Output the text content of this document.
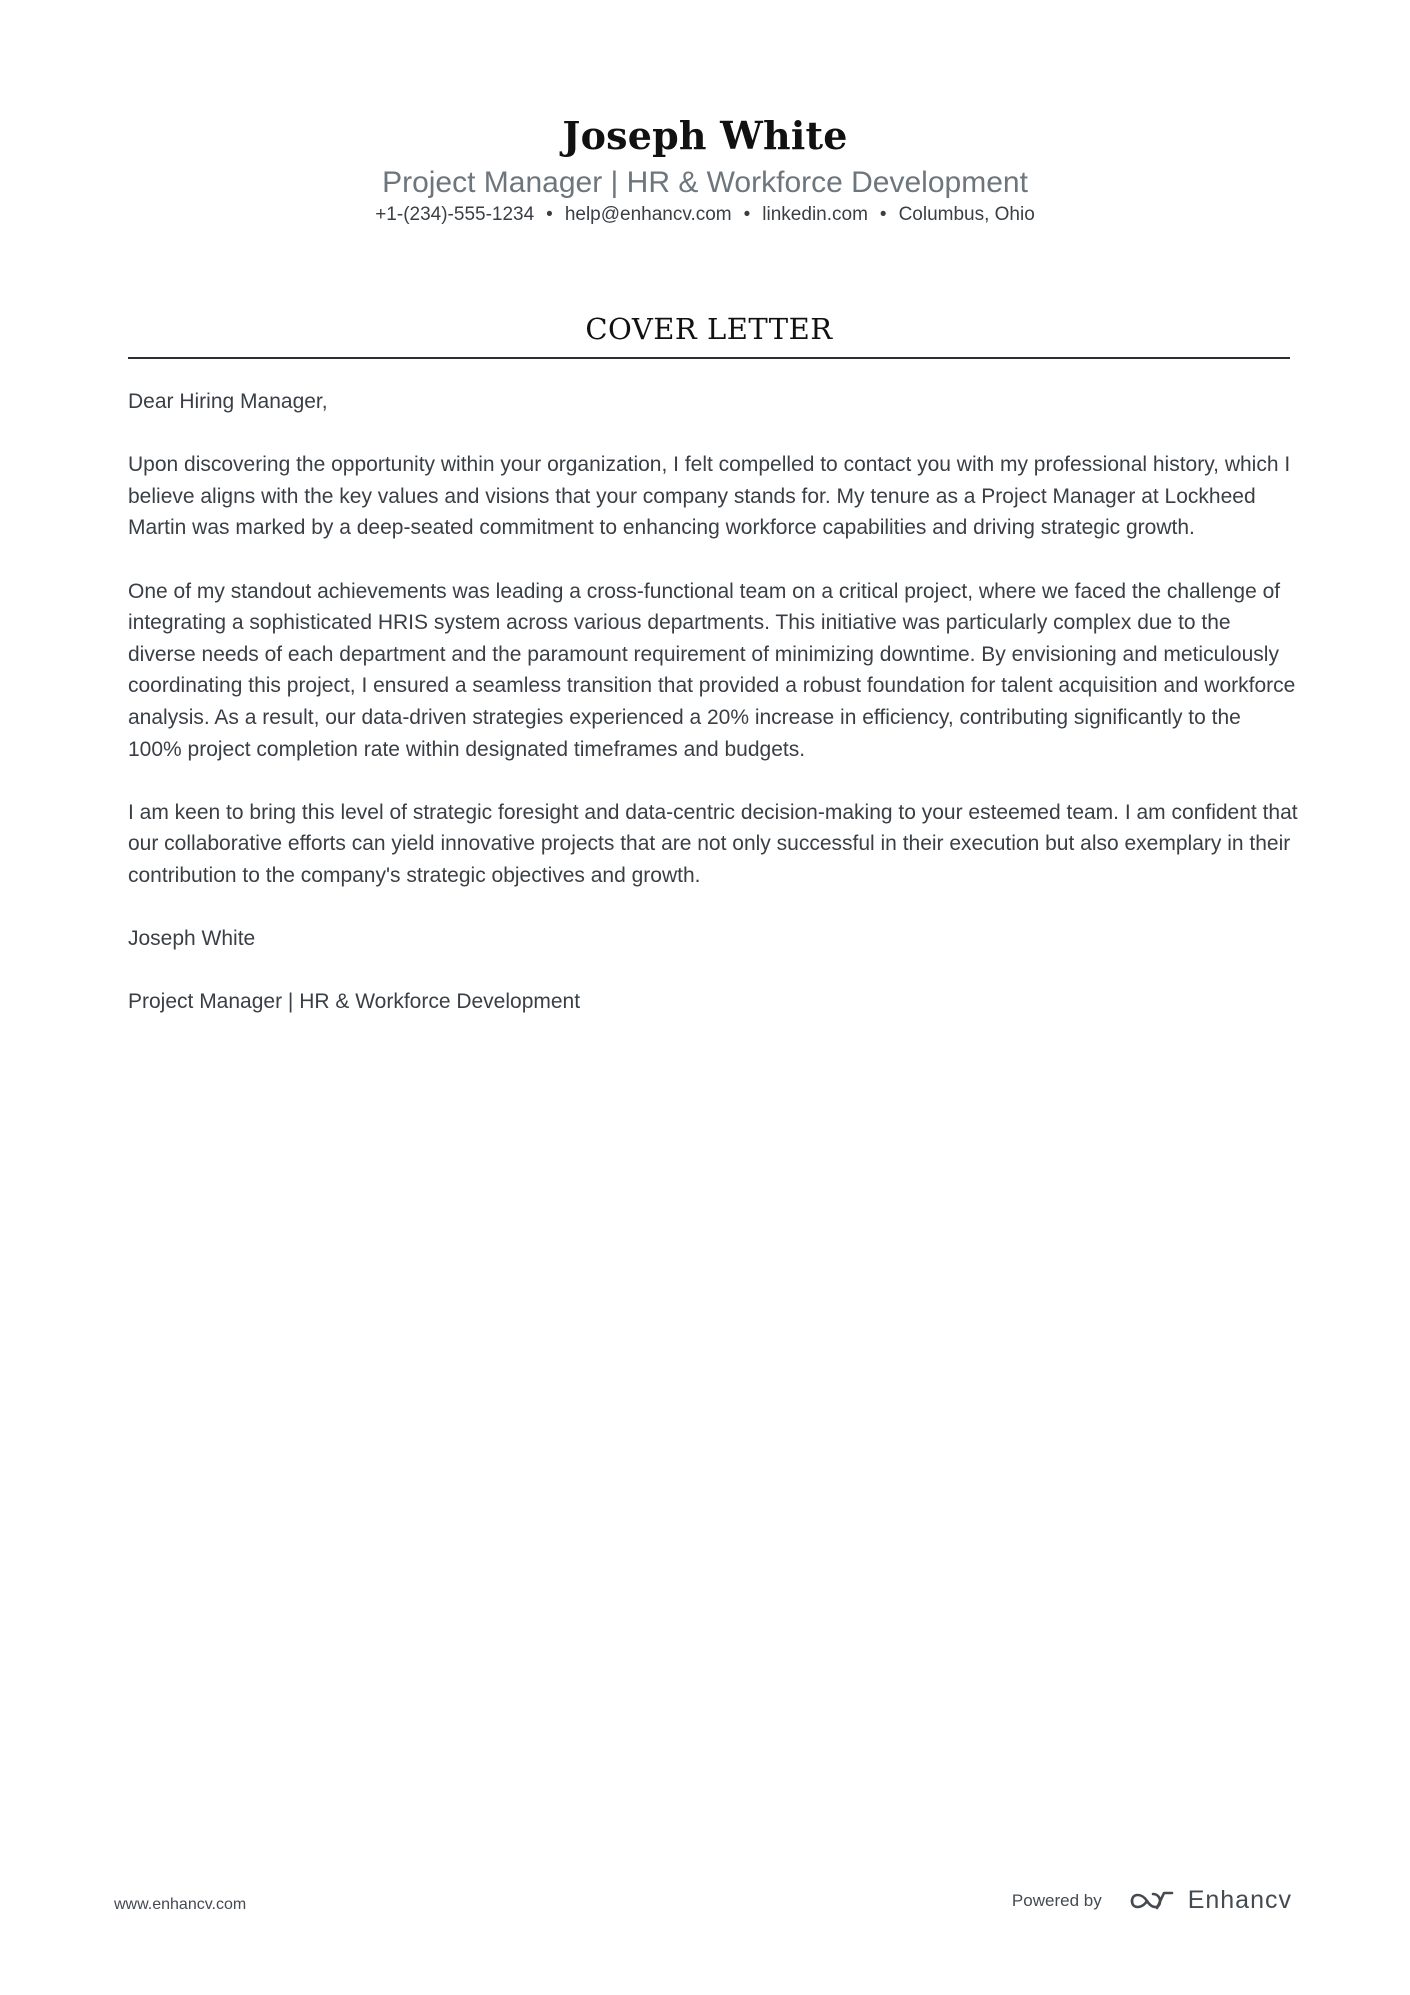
Joseph White
Project Manager | HR & Workforce Development
+1-(234)-555-1234 • help@enhancv.com • linkedin.com • Columbus, Ohio
COVER LETTER

Dear Hiring Manager,

Upon discovering the opportunity within your organization, I felt compelled to contact you with my professional history, which I believe aligns with the key values and visions that your company stands for. My tenure as a Project Manager at Lockheed Martin was marked by a deep-seated commitment to enhancing workforce capabilities and driving strategic growth.

One of my standout achievements was leading a cross-functional team on a critical project, where we faced the challenge of integrating a sophisticated HRIS system across various departments. This initiative was particularly complex due to the diverse needs of each department and the paramount requirement of minimizing downtime. By envisioning and meticulously coordinating this project, I ensured a seamless transition that provided a robust foundation for talent acquisition and workforce analysis. As a result, our data-driven strategies experienced a 20% increase in efficiency, contributing significantly to the 100% project completion rate within designated timeframes and budgets.

I am keen to bring this level of strategic foresight and data-centric decision-making to your esteemed team. I am confident that our collaborative efforts can yield innovative projects that are not only successful in their execution but also exemplary in their contribution to the company's strategic objectives and growth.

Joseph White

Project Manager | HR & Workforce Development

www.enhancv.com	Powered by	Enhancv
